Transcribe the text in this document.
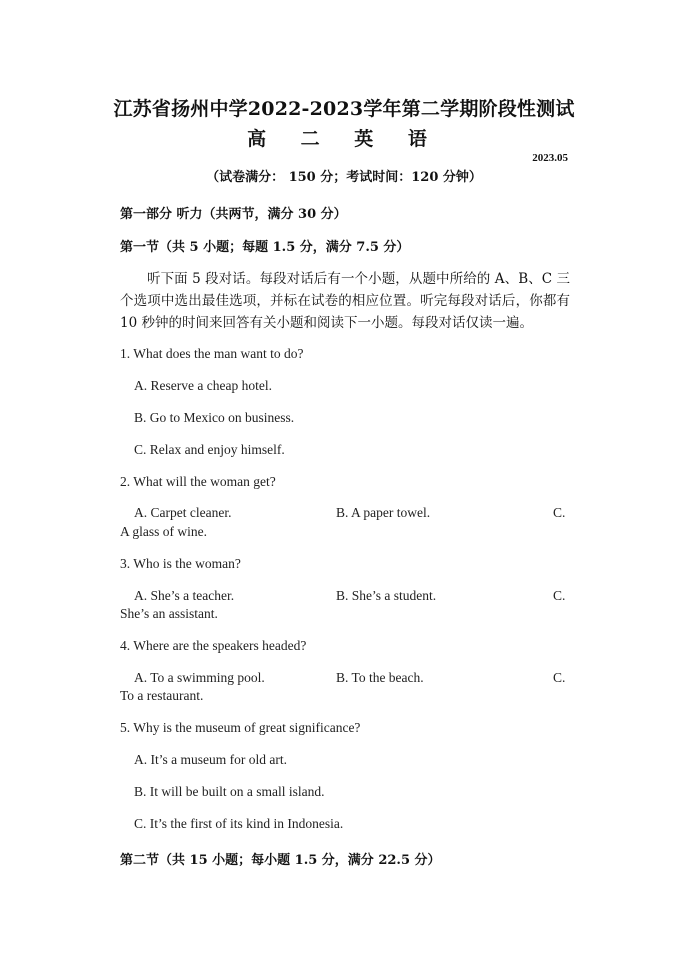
江苏省扬州中学2022-2023学年第二学期阶段性测试
高 二 英 语
2023.05
（试卷满分： 150 分；考试时间：120 分钟）
第一部分 听力（共两节，满分 30 分）
第一节（共 5 小题；每题 1.5 分，满分 7.5 分）
听下面 5 段对话。每段对话后有一个小题，从题中所给的 A、B、C 三个选项中选出最佳选项，并标在试卷的相应位置。听完每段对话后，你都有 10 秒钟的时间来回答有关小题和阅读下一小题。每段对话仅读一遍。
1. What does the man want to do?
A. Reserve a cheap hotel.
B. Go to Mexico on business.
C. Relax and enjoy himself.
2. What will the woman get?
A. Carpet cleaner.	B. A paper towel.	C.
A glass of wine.
3. Who is the woman?
A. She’s a teacher.	B. She’s a student.	C.
She’s an assistant.
4. Where are the speakers headed?
A. To a swimming pool.	B. To the beach.	C.
To a restaurant.
5. Why is the museum of great significance?
A. It’s a museum for old art.
B. It will be built on a small island.
C. It’s the first of its kind in Indonesia.
第二节（共 15 小题；每小题 1.5 分，满分 22.5 分）
